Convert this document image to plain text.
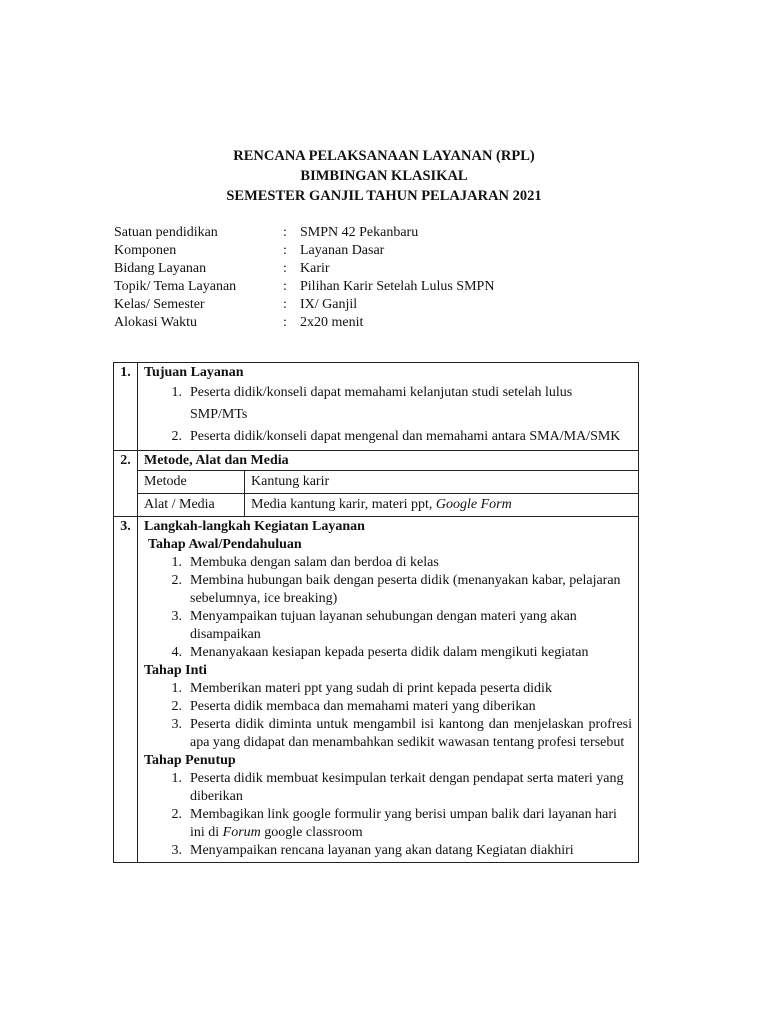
RENCANA PELAKSANAAN LAYANAN (RPL)
BIMBINGAN KLASIKAL
SEMESTER GANJIL TAHUN PELAJARAN 2021
Satuan pendidikan	: SMPN 42 Pekanbaru
Komponen	: Layanan Dasar
Bidang Layanan	: Karir
Topik/ Tema Layanan	: Pilihan Karir Setelah Lulus SMPN
Kelas/ Semester	: IX/ Ganjil
Alokasi Waktu	: 2x20 menit
1.	Tujuan Layanan
1. Peserta didik/konseli dapat memahami kelanjutan studi setelah lulus SMP/MTs
2. Peserta didik/konseli dapat mengenal dan memahami antara SMA/MA/SMK

2.	Metode, Alat dan Media
Metode	Kantung karir
Alat / Media	Media kantung karir, materi ppt, Google Form

3.	Langkah-langkah Kegiatan Layanan
Tahap Awal/Pendahuluan
1. Membuka dengan salam dan berdoa di kelas
2. Membina hubungan baik dengan peserta didik (menanyakan kabar, pelajaran sebelumnya, ice breaking)
3. Menyampaikan tujuan layanan sehubungan dengan materi yang akan disampaikan
4. Menanyakaan kesiapan kepada peserta didik dalam mengikuti kegiatan
Tahap Inti
1. Memberikan materi ppt yang sudah di print kepada peserta didik
2. Peserta didik membaca dan memahami materi yang diberikan
3. Peserta didik diminta untuk mengambil isi kantong dan menjelaskan profresi apa yang didapat dan menambahkan sedikit wawasan tentang profesi tersebut
Tahap Penutup
1. Peserta didik membuat kesimpulan terkait dengan pendapat serta materi yang diberikan
2. Membagikan link google formulir yang berisi umpan balik dari layanan hari ini di Forum google classroom
3. Menyampaikan rencana layanan yang akan datang Kegiatan diakhiri
